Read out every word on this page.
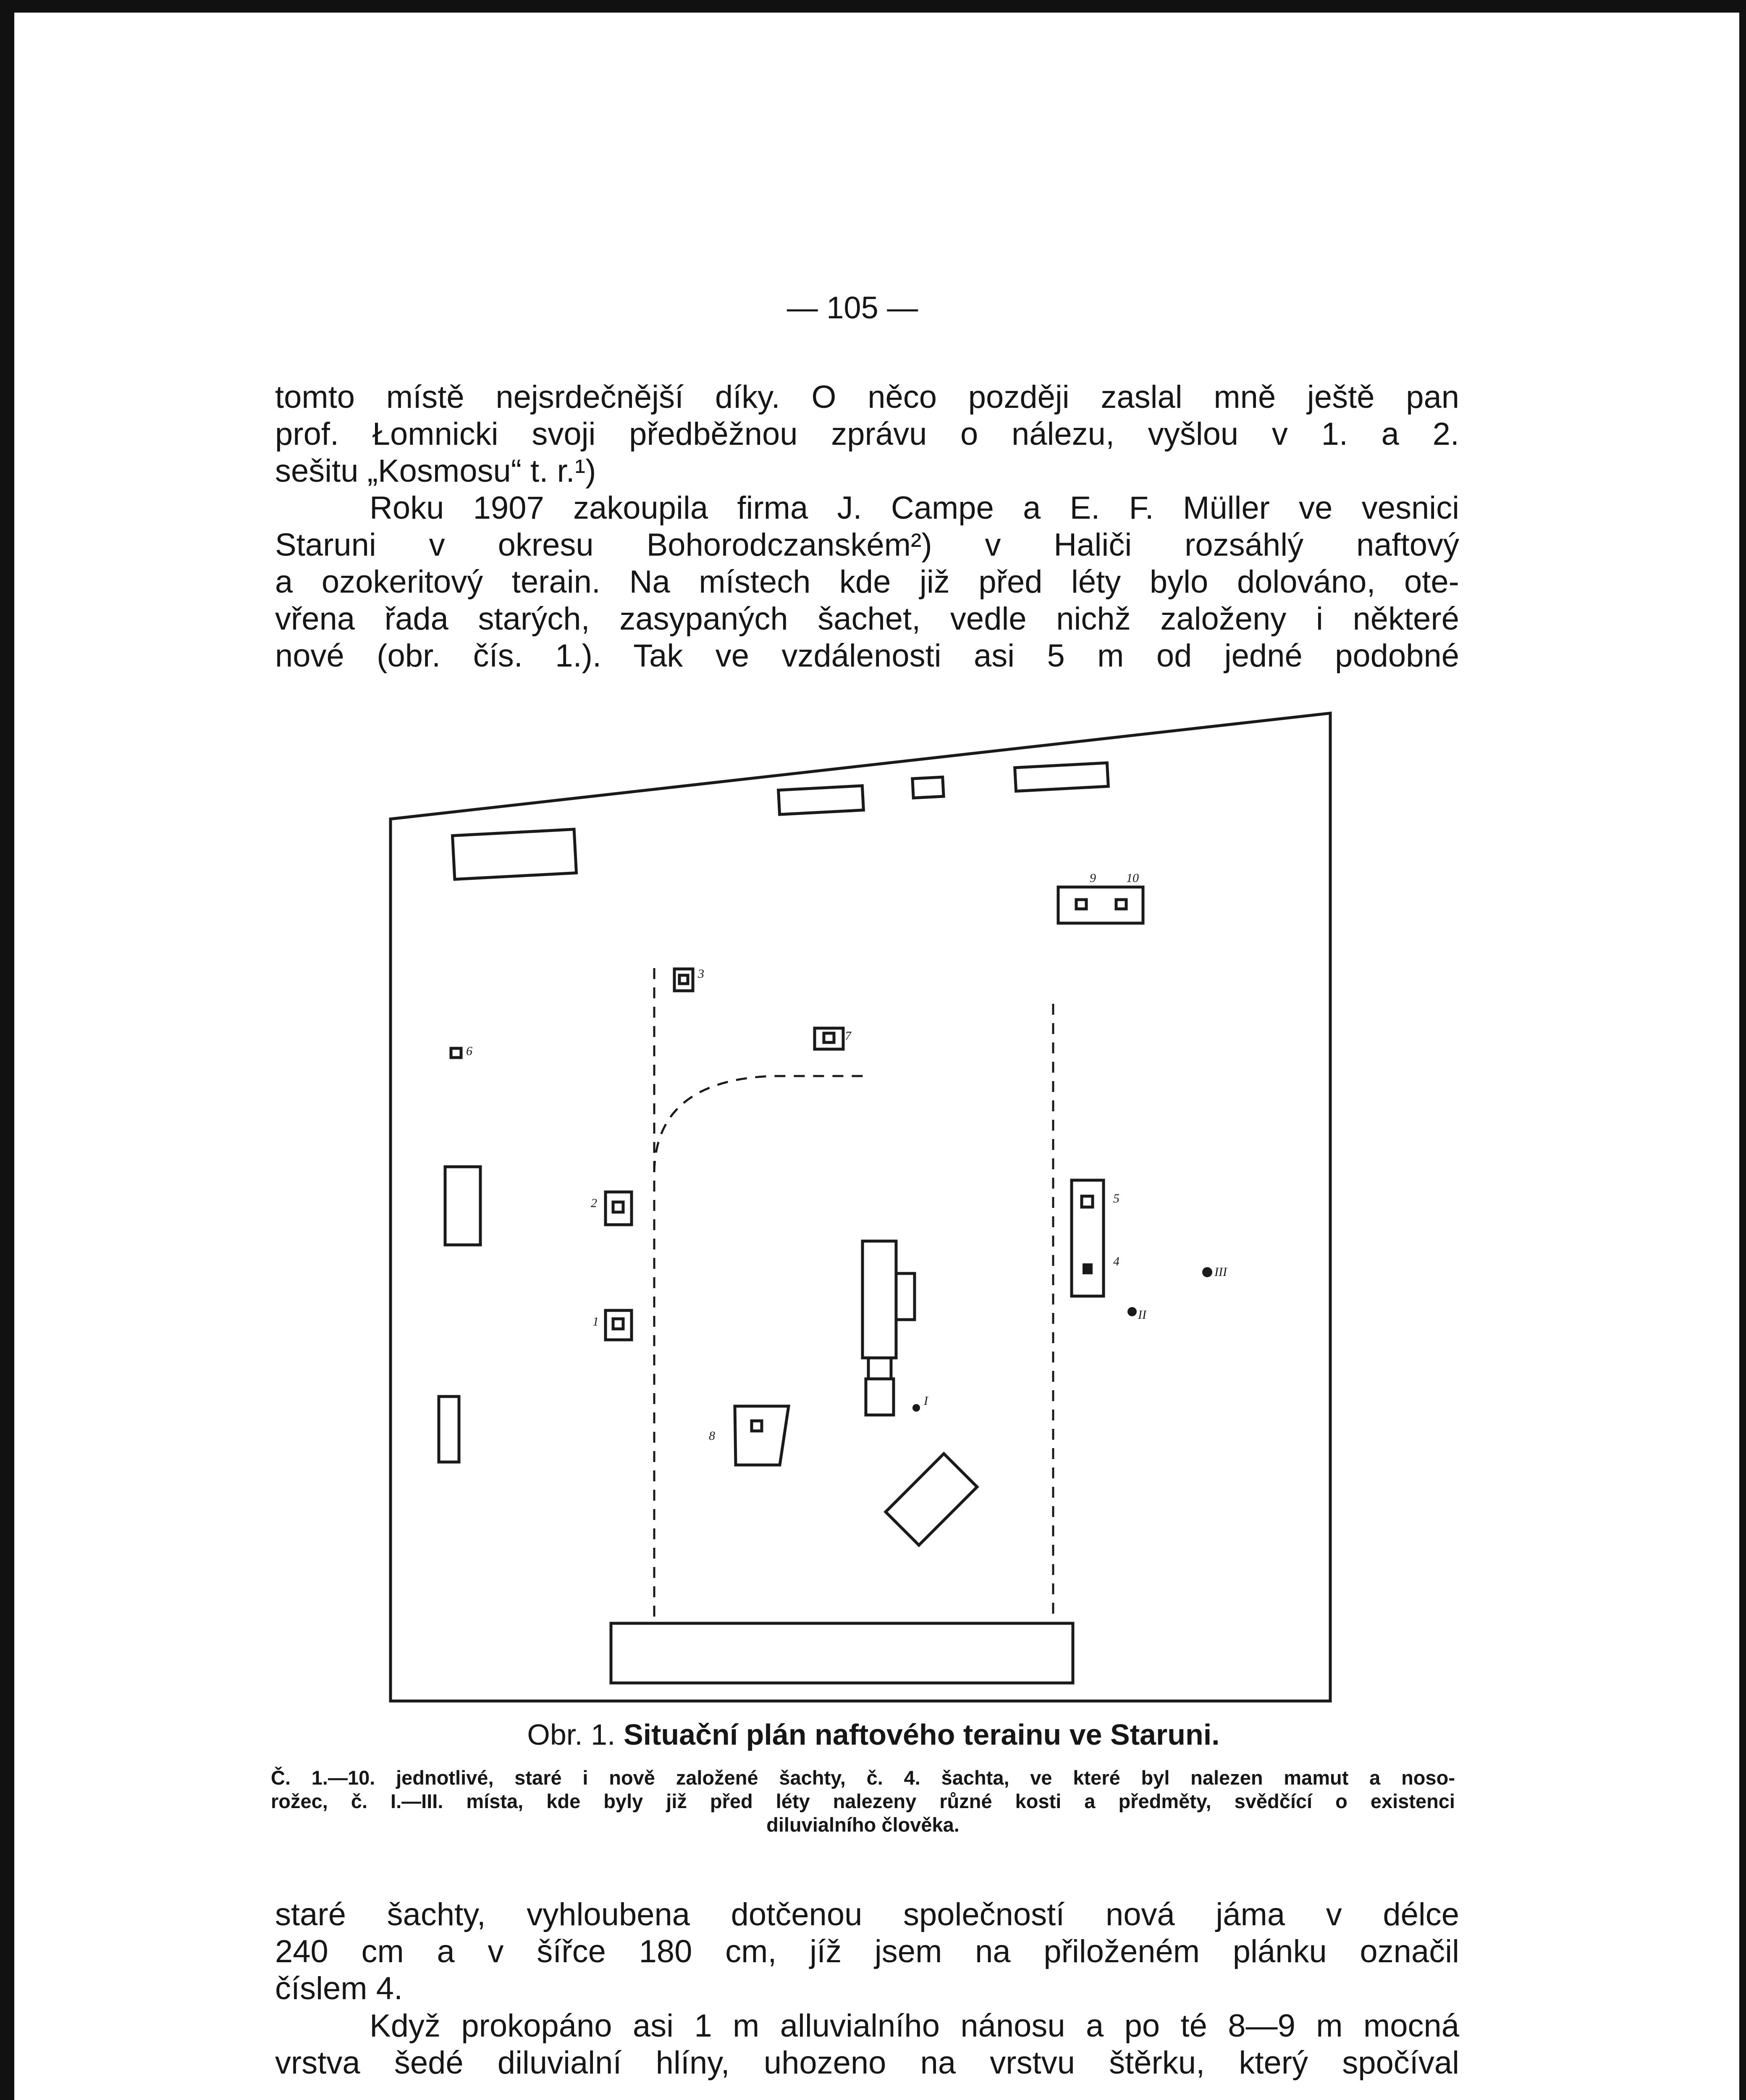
— 105 —

tomto místě nejsrdečnější díky. O něco později zaslal mně ještě pan
prof. Łomnicki svoji předběžnou zprávu o nálezu, vyšlou v 1. a 2.
sešitu „Kosmosu“ t. r.¹)

Roku 1907 zakoupila firma J. Campe a E. F. Müller ve vesnici
Staruni v okresu Bohorodczanském²) v Haliči rozsáhlý naftový
a ozokeritový terain. Na místech kde již před léty bylo dolováno, ote-
vřena řada starých, zasypaných šachet, vedle nichž založeny i některé
nové (obr. čís. 1.). Tak ve vzdálenosti asi 5 m od jedné podobné

1
2
3
4
5
6
7
8
9 10
I
II
III
Obr. 1. Situační plán naftového terainu ve Staruni.

Č. 1.—10. jednotlivé, staré i nově založené šachty, č. 4. šachta, ve které byl nalezen mamut a noso-
rožec, č. I.—III. místa, kde byly již před léty nalezeny různé kosti a předměty, svědčící o existenci
diluvialního člověka.

staré šachty, vyhloubena dotčenou společností nová jáma v délce
240 cm a v šířce 180 cm, jíž jsem na přiloženém plánku označil
číslem 4.

Když prokopáno asi 1 m alluvialního nánosu a po té 8—9 m mocná
vrstva šedé diluvialní hlíny, uhozeno na vrstvu štěrku, který spočíval
